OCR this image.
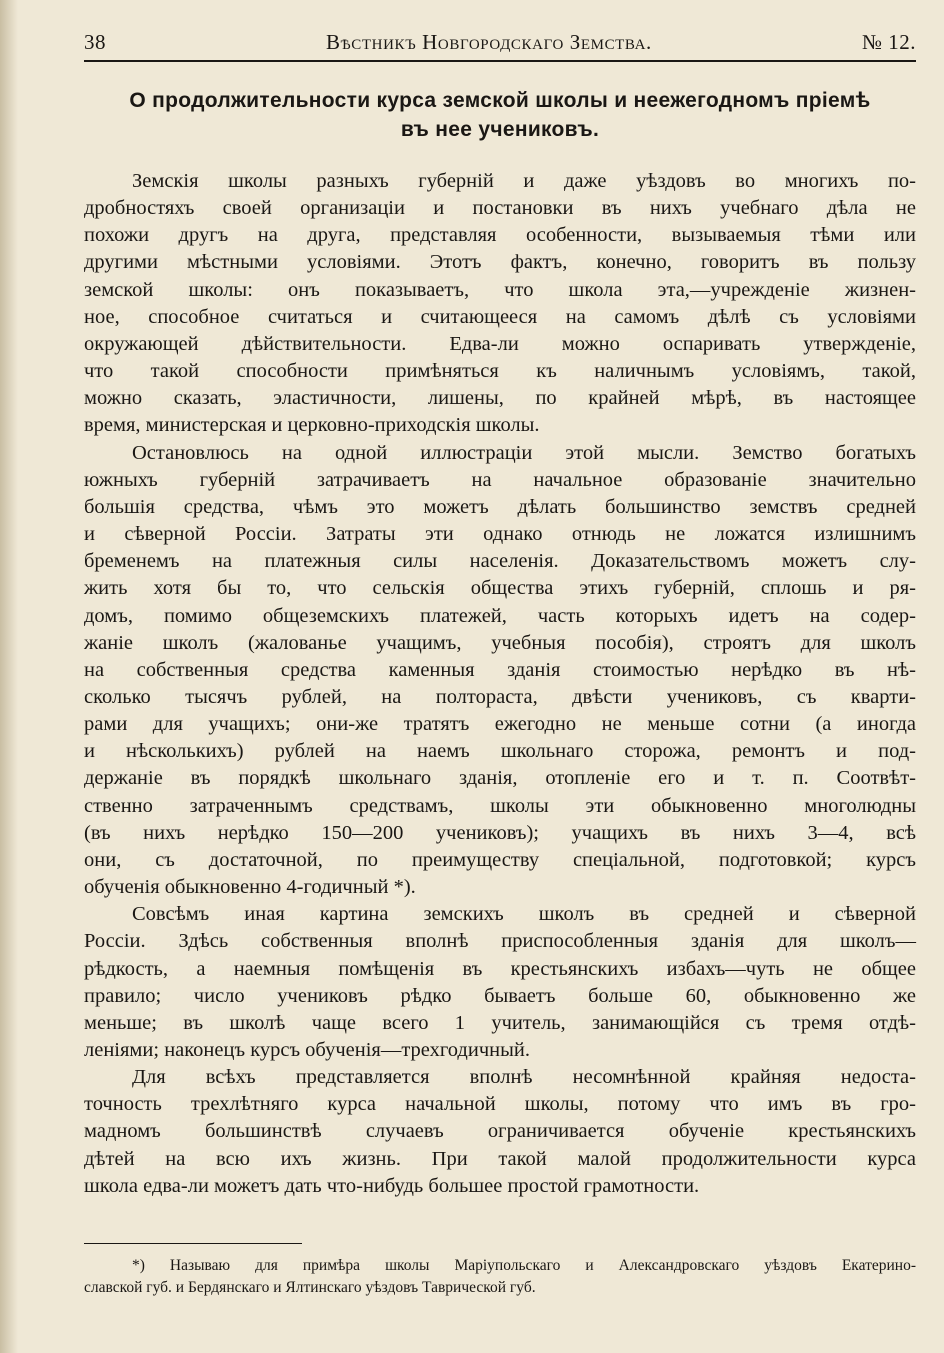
38	Вѣстникъ Новгородскаго Земства.	№ 12.
О продолжительности курса земской школы и неежегодномъ пріемѣ
въ нее учениковъ.
Земскія школы разныхъ губерній и даже уѣздовъ во многихъ по-
дробностяхъ своей организаціи и постановки въ нихъ учебнаго дѣла не
похожи другъ на друга, представляя особенности, вызываемыя тѣми или
другими мѣстными условіями. Этотъ фактъ, конечно, говоритъ въ пользу
земской школы: онъ показываетъ, что школа эта,—учрежденіе жизнен-
ное, способное считаться и считающееся на самомъ дѣлѣ съ условіями
окружающей дѣйствительности. Едва-ли можно оспаривать утвержденіе,
что такой способности примѣняться къ наличнымъ условіямъ, такой,
можно сказать, эластичности, лишены, по крайней мѣрѣ, въ настоящее
время, министерская и церковно-приходскія школы.
Остановлюсь на одной иллюстраціи этой мысли. Земство богатыхъ
южныхъ губерній затрачиваетъ на начальное образованіе значительно
большія средства, чѣмъ это можетъ дѣлать большинство земствъ средней
и сѣверной Россіи. Затраты эти однако отнюдь не ложатся излишнимъ
бременемъ на платежныя силы населенія. Доказательствомъ можетъ слу-
жить хотя бы то, что сельскія общества этихъ губерній, сплошь и ря-
домъ, помимо общеземскихъ платежей, часть которыхъ идетъ на содер-
жаніе школъ (жалованье учащимъ, учебныя пособія), строятъ для школъ
на собственныя средства каменныя зданія стоимостью нерѣдко въ нѣ-
сколько тысячъ рублей, на полтораста, двѣсти учениковъ, съ кварти-
рами для учащихъ; они-же тратятъ ежегодно не меньше сотни (а иногда
и нѣсколькихъ) рублей на наемъ школьнаго сторожа, ремонтъ и под-
держаніе въ порядкѣ школьнаго зданія, отопленіе его и т. п. Соотвѣт-
ственно затраченнымъ средствамъ, школы эти обыкновенно многолюдны
(въ нихъ нерѣдко 150—200 учениковъ); учащихъ въ нихъ 3—4, всѣ
они, съ достаточной, по преимуществу спеціальной, подготовкой; курсъ
обученія обыкновенно 4-годичный *).
Совсѣмъ иная картина земскихъ школъ въ средней и сѣверной
Россіи. Здѣсь собственныя вполнѣ приспособленныя зданія для школъ—
рѣдкость, а наемныя помѣщенія въ крестьянскихъ избахъ—чуть не общее
правило; число учениковъ рѣдко бываетъ больше 60, обыкновенно же
меньше; въ школѣ чаще всего 1 учитель, занимающійся съ тремя отдѣ-
леніями; наконецъ курсъ обученія—трехгодичный.
Для всѣхъ представляется вполнѣ несомнѣнной крайняя недоста-
точность трехлѣтняго курса начальной школы, потому что имъ въ гро-
мадномъ большинствѣ случаевъ ограничивается обученіе крестьянскихъ
дѣтей на всю ихъ жизнь. При такой малой продолжительности курса
школа едва-ли можетъ дать что-нибудь большее простой грамотности.
*) Называю для примѣра школы Маріупольскаго и Александровскаго уѣздовъ Екатерино-
славской губ. и Бердянскаго и Ялтинскаго уѣздовъ Таврической губ.
